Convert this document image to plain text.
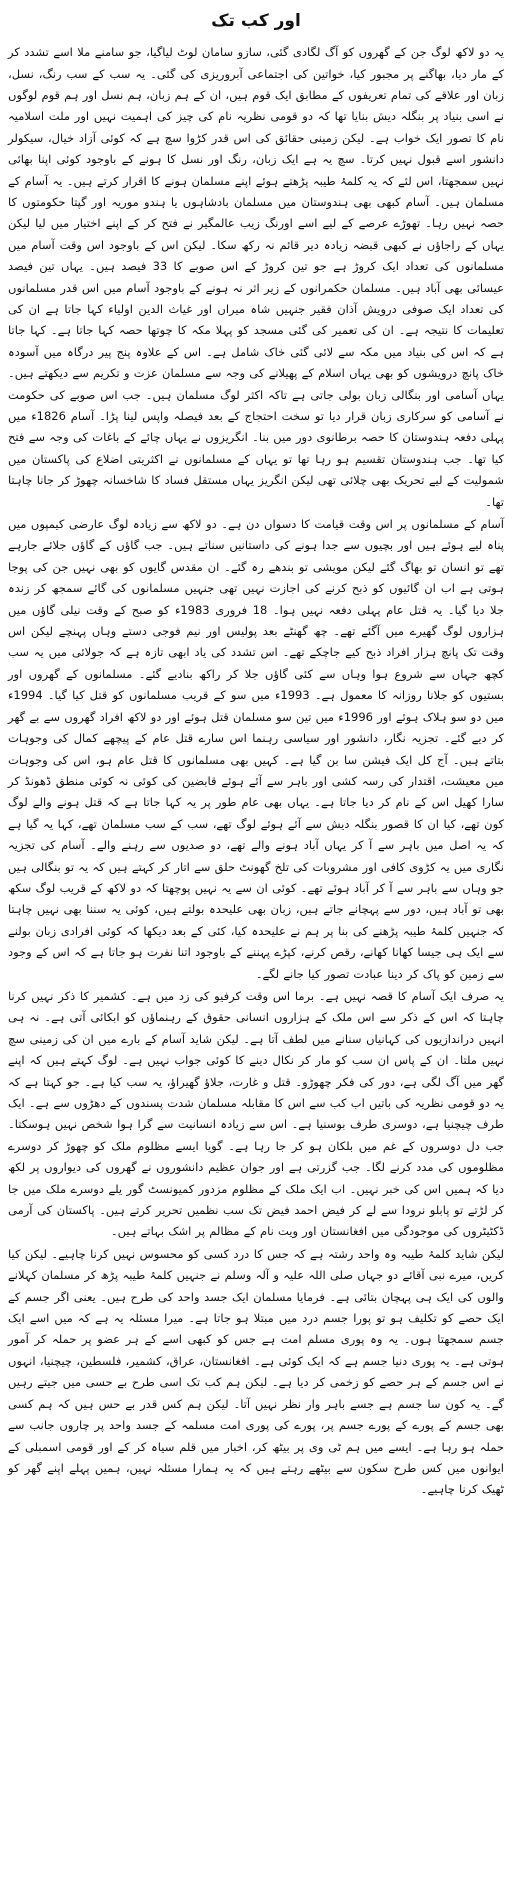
اور کب تک

یہ دو لاکھ لوگ جن کے گھروں کو آگ لگادی گئی، سازو سامان لوٹ لیاگیا، جو سامنے ملا اسے تشدد کر کے مار دیا، بھاگنے پر مجبور کیا، خواتین کی اجتماعی آبروریزی کی گئی۔ یہ سب کے سب رنگ، نسل، زبان اور علاقے کی تمام تعریفوں کے مطابق ایک قوم ہیں، ان کے ہم زبان، ہم نسل اور ہم قوم لوگوں نے اسی بنیاد پر بنگلہ دیش بنایا تھا کہ دو قومی نظریہ نام کی چیز کی اہمیت نہیں اور ملت اسلامیہ نام کا تصور ایک خواب ہے۔ لیکن زمینی حقائق کی اس قدر کڑوا سچ ہے کہ کوئی آزاد خیال، سیکولر دانشور اسے قبول نہیں کرتا۔ سچ یہ ہے ایک زبان، رنگ اور نسل کا ہونے کے باوجود کوئی اپنا بھائی نہیں سمجھتا، اس لئے کہ یہ کلمۂ طیبہ پڑھتے ہوئے اپنے مسلمان ہونے کا اقرار کرتے ہیں۔ یہ آسام کے مسلمان ہیں۔ آسام کبھی بھی ہندوستان میں مسلمان بادشاہوں یا ہندو موریہ اور گپتا حکومتوں کا حصہ نہیں رہا۔ تھوڑے عرصے کے لیے اسے اورنگ زیب عالمگیر نے فتح کر کے اپنے اختیار میں لیا لیکن یہاں کے راجاؤں نے کبھی قبضہ زیادہ دیر قائم نہ رکھ سکا۔ لیکن اس کے باوجود اس وقت آسام میں مسلمانوں کی تعداد ایک کروڑ ہے جو تین کروڑ کے اس صوبے کا 33 فیصد ہیں۔ یہاں تین فیصد عیسائی بھی آباد ہیں۔ مسلمان حکمرانوں کے زیر اثر نہ ہونے کے باوجود آسام میں اس قدر مسلمانوں کی تعداد ایک صوفی درویش آذان فقیر جنہیں شاہ میراں اور غیاث الدین اولیاء کہا جاتا ہے ان کی تعلیمات کا نتیجہ ہے۔ ان کی تعمیر کی گئی مسجد کو پہلا مکہ کا چوتھا حصہ کہا جاتا ہے۔ کہا جاتا ہے کہ اس کی بنیاد میں مکہ سے لائی گئی خاک شامل ہے۔ اس کے علاوہ پنج پیر درگاہ میں آسودہ خاک پانچ درویشوں کو بھی یہاں اسلام کے پھیلانے کی وجہ سے مسلمان عزت و تکریم سے دیکھتے ہیں۔ یہاں آسامی اور بنگالی زبان بولی جاتی ہے تاکہ اکثر لوگ مسلمان ہیں۔ جب اس صوبے کی حکومت نے آسامی کو سرکاری زبان قرار دیا تو سخت احتجاج کے بعد فیصلہ واپس لینا پڑا۔ آسام 1826ء میں پہلی دفعہ ہندوستان کا حصہ برطانوی دور میں بنا۔ انگریزوں نے یہاں چائے کے باغات کی وجہ سے فتح کیا تھا۔ جب ہندوستان تقسیم ہو رہا تھا تو یہاں کے مسلمانوں نے اکثریتی اضلاع کی پاکستان میں شمولیت کے لیے تحریک بھی چلائی تھی لیکن انگریز یہاں مستقل فساد کا شاخسانہ چھوڑ کر جانا چاہتا تھا۔

آسام کے مسلمانوں پر اس وقت قیامت کا دسواں دن ہے۔ دو لاکھ سے زیادہ لوگ عارضی کیمپوں میں پناہ لیے ہوئے ہیں اور بچیوں سے جدا ہونے کی داستانیں سناتے ہیں۔ جب گاؤں کے گاؤں جلائے جارہے تھے تو انسان تو بھاگ گئے لیکن مویشی تو بندھے رہ گئے۔ ان مقدس گایوں کو بھی نہیں جن کی پوجا ہوتی ہے اب ان گائیوں کو ذبح کرنے کی اجازت نہیں تھی جنہیں مسلمانوں کی گائے سمجھ کر زندہ جلا دیا گیا۔ یہ قتل عام پہلی دفعہ نہیں ہوا۔ 18 فروری 1983ء کو صبح کے وقت نیلی گاؤں میں ہزاروں لوگ گھیرے میں آگئے تھے۔ چھ گھنٹے بعد پولیس اور نیم فوجی دستے وہاں پہنچے لیکن اس وقت تک پانچ ہزار افراد ذبح کیے جاچکے تھے۔ اس تشدد کی یاد ابھی تازہ ہے کہ جولائی میں یہ سب کچھ جہاں سے شروع ہوا وہاں سے کئی گاؤں جلا کر راکھ بنادیے گئے۔ مسلمانوں کے گھروں اور بستیوں کو جلانا روزانہ کا معمول ہے۔ 1993ء میں سو کے قریب مسلمانوں کو قتل کیا گیا۔ 1994ء میں دو سو ہلاک ہوئے اور 1996ء میں تین سو مسلمان قتل ہوئے اور دو لاکھ افراد گھروں سے بے گھر کر دیے گئے۔ تجزیہ نگار، دانشور اور سیاسی رہنما اس سارے قتل عام کے پیچھے کمال کی وجوہات بتاتے ہیں۔ آج کل ایک فیشن سا بن گیا ہے۔ کہیں بھی مسلمانوں کا قتل عام ہو، اس کی وجوہات میں معیشت، اقتدار کی رسہ کشی اور باہر سے آئے ہوئے قابضین کی کوئی نہ کوئی منطق ڈھونڈ کر سارا کھیل اس کے نام کر دیا جاتا ہے۔ یہاں بھی عام طور پر یہ کہا جاتا ہے کہ قتل ہونے والے لوگ کون تھے، کیا ان کا قصور بنگلہ دیش سے آئے ہوئے لوگ تھے، سب کے سب مسلمان تھے، کہا یہ گیا ہے کہ یہ اصل میں باہر سے آ کر یہاں آباد ہونے والے تھے، دو صدیوں سے رہنے والے۔ آسام کی تجزیہ نگاری میں یہ کڑوی کافی اور مشروبات کی تلخ گھونٹ حلق سے اتار کر کہتے ہیں کہ یہ تو بنگالی ہیں جو وہاں سے باہر سے آ کر آباد ہوئے تھے۔ کوئی ان سے یہ نہیں پوچھتا کہ دو لاکھ کے قریب لوگ سکھ بھی تو آباد ہیں، دور سے پہچانے جاتے ہیں، زبان بھی علیحدہ بولتے ہیں، کوئی یہ سننا بھی نہیں چاہتا کہ جنہیں کلمۂ طیبہ پڑھنے کی بنا پر ہم نے علیحدہ کیا، کئی کے بعد دیکھا کہ کوئی افرادی زبان بولنے سے ایک ہی جیسا کھانا کھانے، رقص کرنے، کپڑے پہننے کے باوجود اتنا نفرت ہو جاتا ہے کہ اس کے وجود سے زمین کو پاک کر دینا عبادت تصور کیا جانے لگے۔

یہ صرف ایک آسام کا قصہ نہیں ہے۔ برما اس وقت کرفیو کی زد میں ہے۔ کشمیر کا ذکر نہیں کرنا چاہتا کہ اس کے ذکر سے اس ملک کے ہزاروں انسانی حقوق کے رہنماؤں کو ابکائی آتی ہے۔ نہ ہی انہیں دراندازیوں کی کہانیاں سنانے میں لطف آتا ہے۔ لیکن شاید آسام کے بارے میں ان کی زمینی سچ نہیں ملتا۔ ان کے پاس ان سب کو مار کر نکال دینے کا کوئی جواب نہیں ہے۔ لوگ کہتے ہیں کہ اپنے گھر میں آگ لگی ہے، دور کی فکر چھوڑو۔ قتل و غارت، جلاؤ گھیراؤ، یہ سب کیا ہے۔ جو کہتا ہے کہ یہ دو قومی نظریہ کی باتیں اب کب سے اس کا مقابلہ مسلمان شدت پسندوں کے دھڑوں سے ہے۔ ایک طرف چیچنیا ہے، دوسری طرف بوسنیا ہے۔ اس سے زیادہ انسانیت سے گرا ہوا شخص نہیں ہوسکتا۔ جب دل دوسروں کے غم میں بلکان ہو کر جا رہا ہے۔ گویا ایسے مظلوم ملک کو چھوڑ کر دوسرے مظلوموں کی مدد کرنے لگا۔ جب گزرتی ہے اور جوان عظیم دانشوروں نے گھروں کی دیواروں پر لکھ دیا کہ ہمیں اس کی خبر نہیں۔ اب ایک ملک کے مظلوم مزدور کمیونسٹ گور یلے دوسرے ملک میں جا کر لڑتے تو پابلو نرودا سے لے کر فیض احمد فیض تک سب نظمیں تحریر کرتے ہیں۔ پاکستان کی آرمی ڈکٹیٹروں کی موجودگی میں افغانستان اور ویت نام کے مظالم پر اشک بہاتے ہیں۔

لیکن شاید کلمۂ طیبہ وہ واحد رشتہ ہے کہ جس کا درد کسی کو محسوس نہیں کرنا چاہیے۔ لیکن کیا کریں، میرے نبی آقائے دو جہاں صلی اللہ علیہ و آلہ وسلم نے جنہیں کلمۂ طیبہ پڑھ کر مسلمان کہلانے والوں کی ایک ہی پہچان بتائی ہے۔ فرمایا مسلمان ایک جسد واحد کی طرح ہیں۔ یعنی اگر جسم کے ایک حصے کو تکلیف ہو تو پورا جسم درد میں مبتلا ہو جاتا ہے۔ میرا مسئلہ یہ ہے کہ میں اسے ایک جسم سمجھتا ہوں۔ یہ وہ پوری مسلم امت ہے جس کو کبھی اسے کے ہر عضو پر حملہ کر آمور ہوتی ہے۔ یہ پوری دنیا جسم ہے کہ ایک کوئی ہے۔ افغانستان، عراق، کشمیر، فلسطین، چیچنیا، انہوں نے اس جسم کے ہر حصے کو زخمی کر دیا ہے۔ لیکن ہم کب تک اسی طرح بے حسی میں جیتے رہیں گے۔ یہ کون سا جسم ہے جسے باہر وار نظر نہیں آتا۔ لیکن ہم کس قدر بے حس ہیں کہ ہم کسی بھی جسم کے پورے کے پورے جسم پر، پورے کی پوری امت مسلمہ کے جسد واحد پر چاروں جانب سے حملہ ہو رہا ہے۔ ایسے میں ہم ٹی وی پر بیٹھ کر، اخبار میں قلم سیاہ کر کے اور قومی اسمبلی کے ایوانوں میں کس طرح سکون سے بیٹھے رہتے ہیں کہ یہ ہمارا مسئلہ نہیں، ہمیں پہلے اپنے گھر کو ٹھیک کرنا چاہیے۔
